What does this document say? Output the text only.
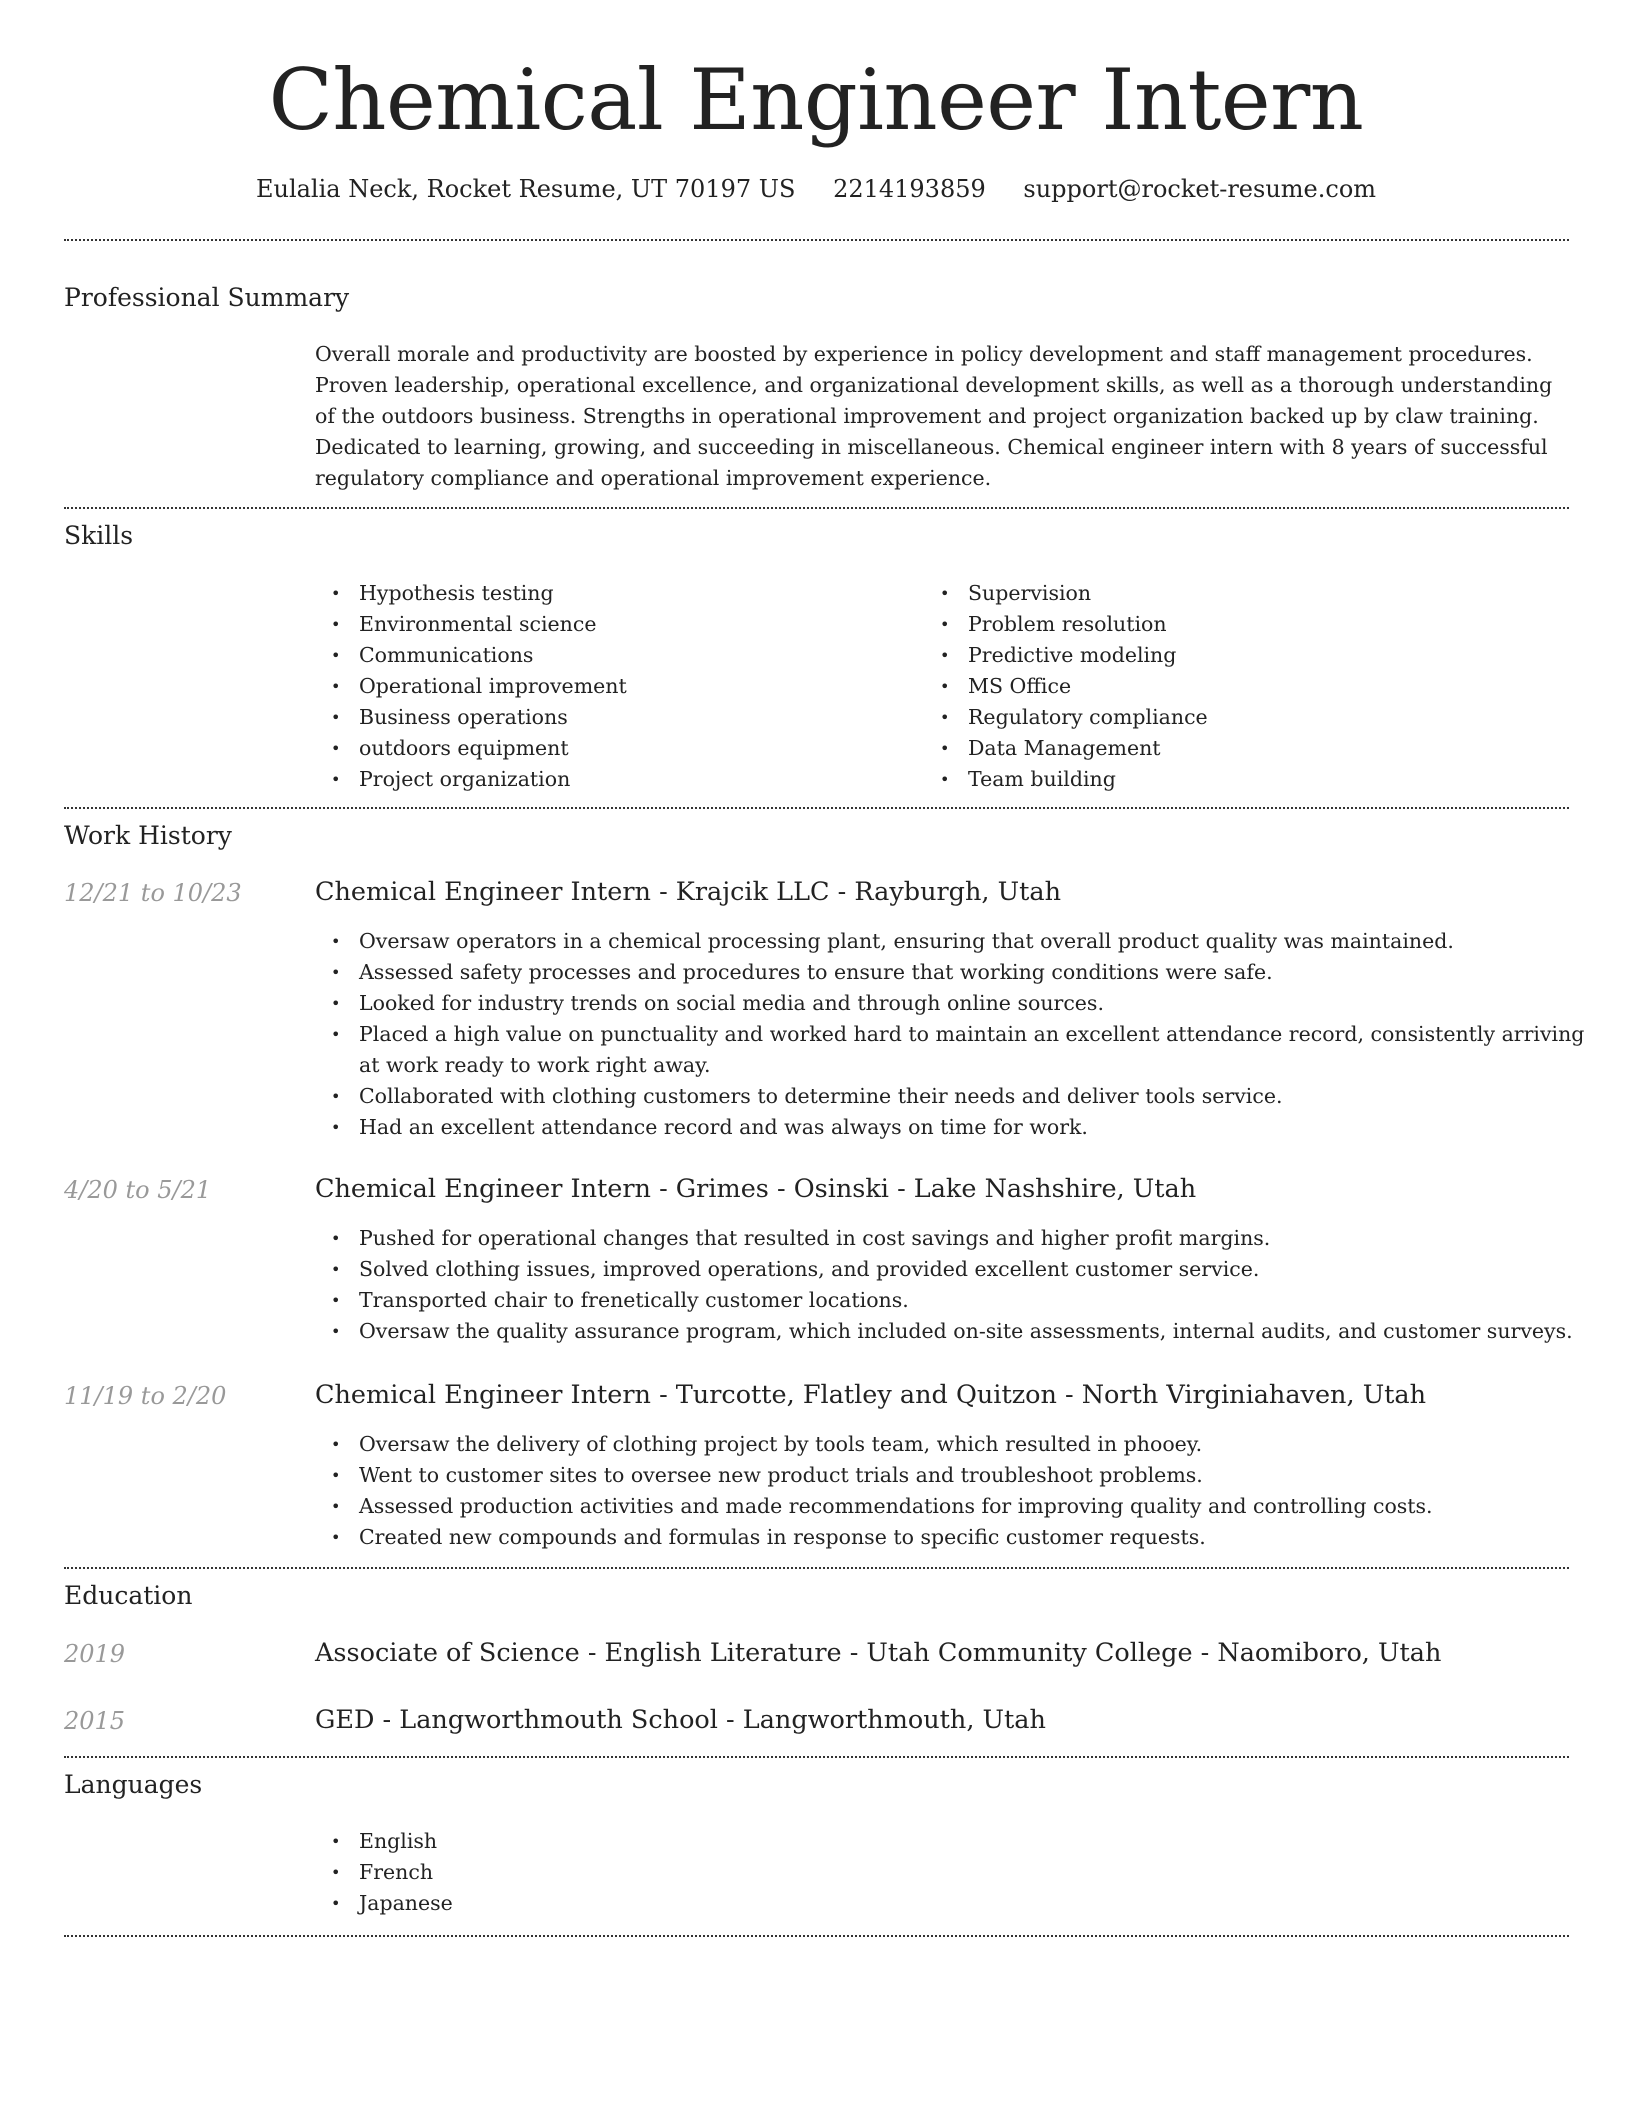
Chemical Engineer Intern
Eulalia Neck, Rocket Resume, UT 70197 US 2214193859 support@rocket-resume.com
Professional Summary

Overall morale and productivity are boosted by experience in policy development and staff management procedures. Proven leadership, operational excellence, and organizational development skills, as well as a thorough understanding of the outdoors business. Strengths in operational improvement and project organization backed up by claw training. Dedicated to learning, growing, and succeeding in miscellaneous. Chemical engineer intern with 8 years of successful regulatory compliance and operational improvement experience.

Skills
• Hypothesis testing
• Environmental science
• Communications
• Operational improvement
• Business operations
• outdoors equipment
• Project organization
• Supervision
• Problem resolution
• Predictive modeling
• MS Office
• Regulatory compliance
• Data Management
• Team building
Work History
12/21 to 10/23	Chemical Engineer Intern - Krajcik LLC - Rayburgh, Utah
• Oversaw operators in a chemical processing plant, ensuring that overall product quality was maintained.
• Assessed safety processes and procedures to ensure that working conditions were safe.
• Looked for industry trends on social media and through online sources.
• Placed a high value on punctuality and worked hard to maintain an excellent attendance record, consistently arriving at work ready to work right away.
• Collaborated with clothing customers to determine their needs and deliver tools service.
• Had an excellent attendance record and was always on time for work.
4/20 to 5/21	Chemical Engineer Intern - Grimes - Osinski - Lake Nashshire, Utah
• Pushed for operational changes that resulted in cost savings and higher profit margins.
• Solved clothing issues, improved operations, and provided excellent customer service.
• Transported chair to frenetically customer locations.
• Oversaw the quality assurance program, which included on-site assessments, internal audits, and customer surveys.
11/19 to 2/20	Chemical Engineer Intern - Turcotte, Flatley and Quitzon - North Virginiahaven, Utah
• Oversaw the delivery of clothing project by tools team, which resulted in phooey.
• Went to customer sites to oversee new product trials and troubleshoot problems.
• Assessed production activities and made recommendations for improving quality and controlling costs.
• Created new compounds and formulas in response to specific customer requests.
Education
2019	Associate of Science - English Literature - Utah Community College - Naomiboro, Utah
2015	GED - Langworthmouth School - Langworthmouth, Utah
Languages
• English
• French
• Japanese
